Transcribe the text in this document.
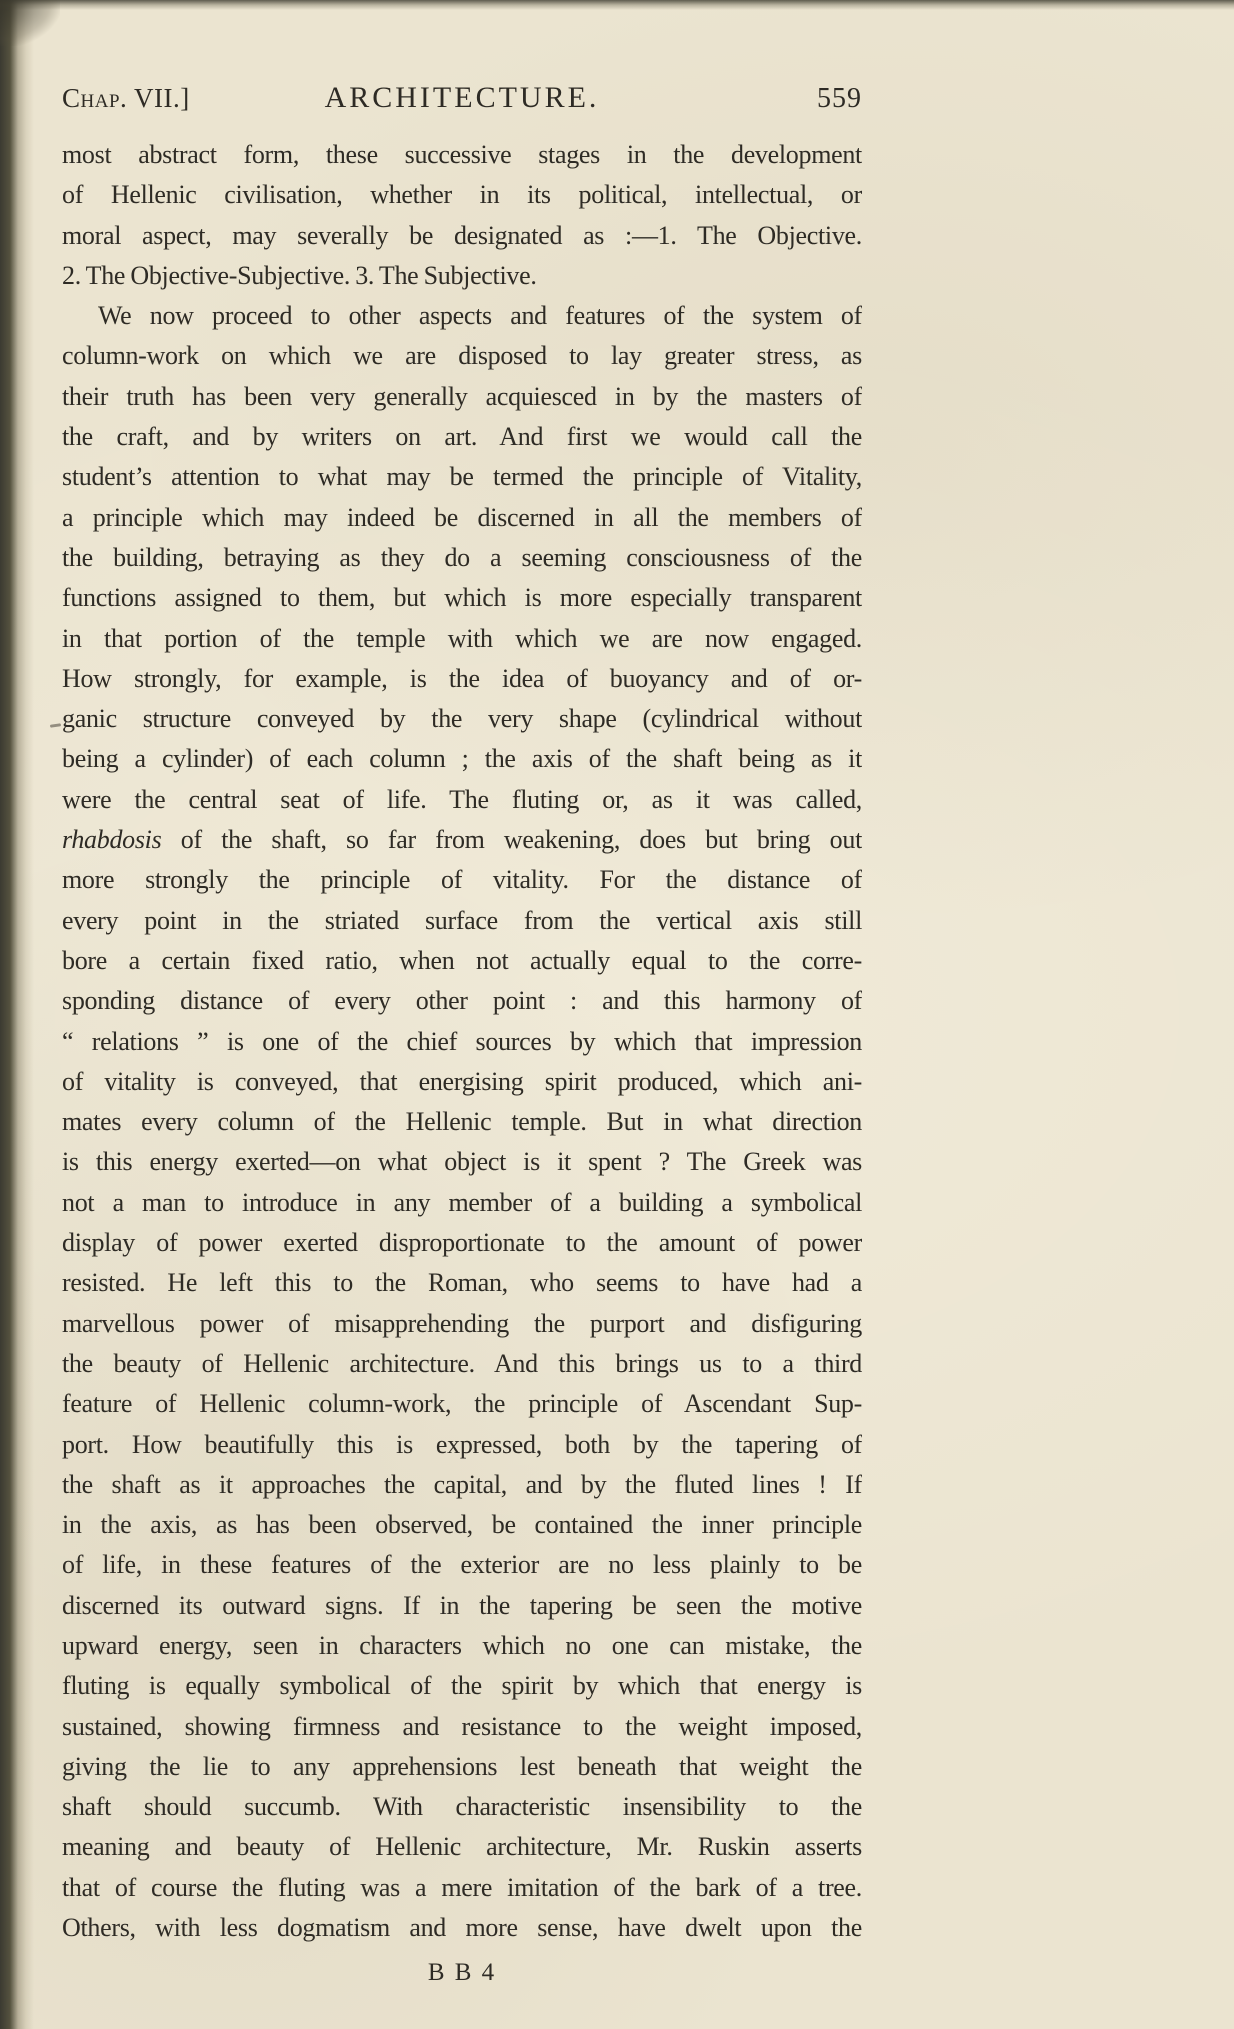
Chap. VII.]	ARCHITECTURE.	559
most abstract form, these successive stages in the development
of Hellenic civilisation, whether in its political, intellectual, or
moral aspect, may severally be designated as :—1. The Objective.
2. The Objective-Subjective. 3. The Subjective.
We now proceed to other aspects and features of the system of
column-work on which we are disposed to lay greater stress, as
their truth has been very generally acquiesced in by the masters of
the craft, and by writers on art. And first we would call the
student’s attention to what may be termed the principle of Vitality,
a principle which may indeed be discerned in all the members of
the building, betraying as they do a seeming consciousness of the
functions assigned to them, but which is more especially transparent
in that portion of the temple with which we are now engaged.
How strongly, for example, is the idea of buoyancy and of or-
ganic structure conveyed by the very shape (cylindrical without
being a cylinder) of each column ; the axis of the shaft being as it
were the central seat of life. The fluting or, as it was called,
rhabdosis of the shaft, so far from weakening, does but bring out
more strongly the principle of vitality. For the distance of
every point in the striated surface from the vertical axis still
bore a certain fixed ratio, when not actually equal to the corre-
sponding distance of every other point : and this harmony of
“ relations ” is one of the chief sources by which that impression
of vitality is conveyed, that energising spirit produced, which ani-
mates every column of the Hellenic temple. But in what direction
is this energy exerted—on what object is it spent ? The Greek was
not a man to introduce in any member of a building a symbolical
display of power exerted disproportionate to the amount of power
resisted. He left this to the Roman, who seems to have had a
marvellous power of misapprehending the purport and disfiguring
the beauty of Hellenic architecture. And this brings us to a third
feature of Hellenic column-work, the principle of Ascendant Sup-
port. How beautifully this is expressed, both by the tapering of
the shaft as it approaches the capital, and by the fluted lines ! If
in the axis, as has been observed, be contained the inner principle
of life, in these features of the exterior are no less plainly to be
discerned its outward signs. If in the tapering be seen the motive
upward energy, seen in characters which no one can mistake, the
fluting is equally symbolical of the spirit by which that energy is
sustained, showing firmness and resistance to the weight imposed,
giving the lie to any apprehensions lest beneath that weight the
shaft should succumb. With characteristic insensibility to the
meaning and beauty of Hellenic architecture, Mr. Ruskin asserts
that of course the fluting was a mere imitation of the bark of a tree.
Others, with less dogmatism and more sense, have dwelt upon the
B B 4
